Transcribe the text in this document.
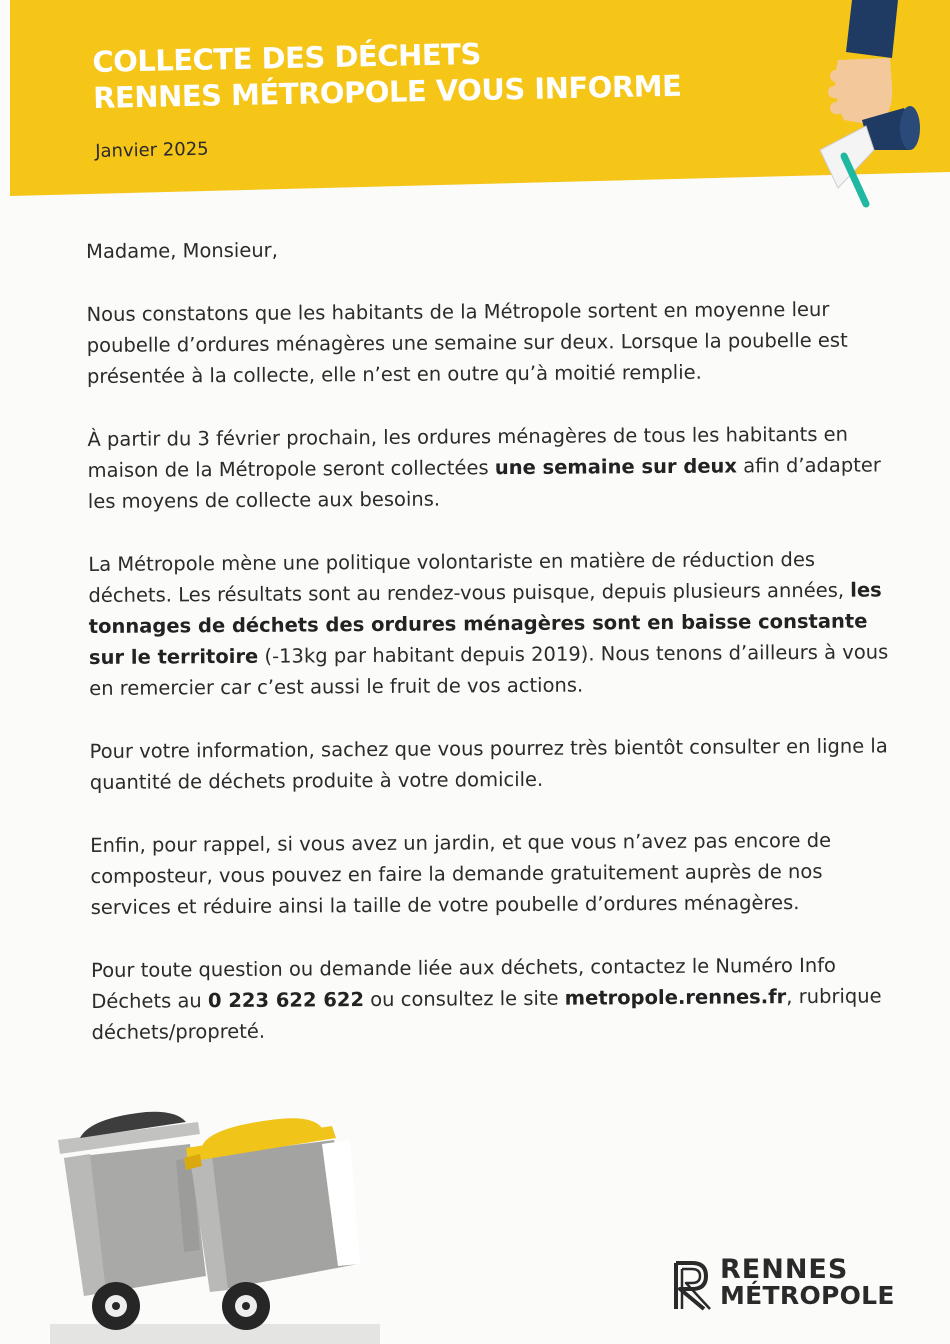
COLLECTE DES DÉCHETS
RENNES MÉTROPOLE VOUS INFORME
Janvier 2025

Madame, Monsieur,

Nous constatons que les habitants de la Métropole sortent en moyenne leur poubelle d’ordures ménagères une semaine sur deux. Lorsque la poubelle est présentée à la collecte, elle n’est en outre qu’à moitié remplie.

À partir du 3 février prochain, les ordures ménagères de tous les habitants en maison de la Métropole seront collectées une semaine sur deux afin d’adapter les moyens de collecte aux besoins.

La Métropole mène une politique volontariste en matière de réduction des déchets. Les résultats sont au rendez-vous puisque, depuis plusieurs années, les tonnages de déchets des ordures ménagères sont en baisse constante sur le territoire (-13kg par habitant depuis 2019). Nous tenons d’ailleurs à vous en remercier car c’est aussi le fruit de vos actions.

Pour votre information, sachez que vous pourrez très bientôt consulter en ligne la quantité de déchets produite à votre domicile.

Enfin, pour rappel, si vous avez un jardin, et que vous n’avez pas encore de composteur, vous pouvez en faire la demande gratuitement auprès de nos services et réduire ainsi la taille de votre poubelle d’ordures ménagères.

Pour toute question ou demande liée aux déchets, contactez le Numéro Info Déchets au 0 223 622 622 ou consultez le site metropole.rennes.fr, rubrique déchets/propreté.

RENNES
MÉTROPOLE
